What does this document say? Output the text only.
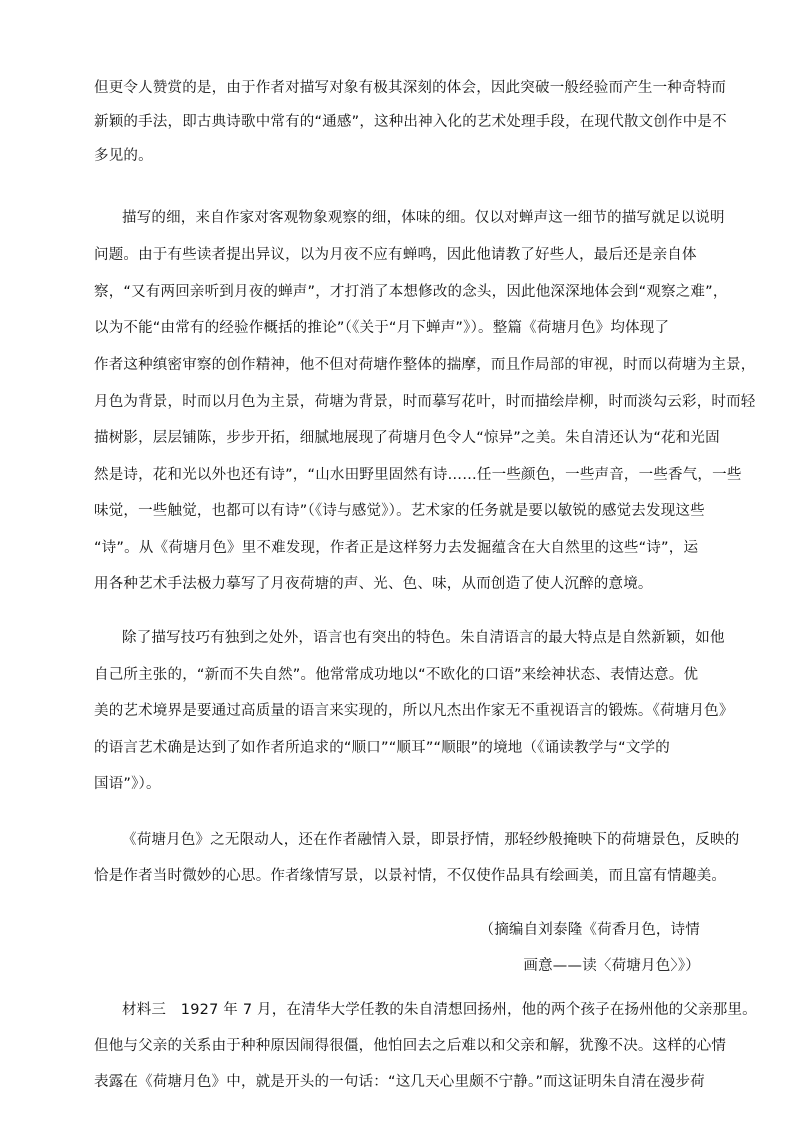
但更令人赞赏的是，由于作者对描写对象有极其深刻的体会，因此突破一般经验而产生一种奇特而
新颖的手法，即古典诗歌中常有的“通感”，这种出神入化的艺术处理手段，在现代散文创作中是不
多见的。
描写的细，来自作家对客观物象观察的细，体味的细。仅以对蝉声这一细节的描写就足以说明
问题。由于有些读者提出异议，以为月夜不应有蝉鸣，因此他请教了好些人，最后还是亲自体
察，“又有两回亲听到月夜的蝉声”，才打消了本想修改的念头，因此他深深地体会到“观察之难”，
以为不能“由常有的经验作概括的推论”（《关于“月下蝉声”》）。整篇《荷塘月色》均体现了
作者这种缜密审察的创作精神，他不但对荷塘作整体的揣摩，而且作局部的审视，时而以荷塘为主景，
月色为背景，时而以月色为主景，荷塘为背景，时而摹写花叶，时而描绘岸柳，时而淡勾云彩，时而轻
描树影，层层铺陈，步步开拓，细腻地展现了荷塘月色令人“惊异”之美。朱自清还认为“花和光固
然是诗，花和光以外也还有诗”，“山水田野里固然有诗……任一些颜色，一些声音，一些香气，一些
味觉，一些触觉，也都可以有诗”（《诗与感觉》）。艺术家的任务就是要以敏锐的感觉去发现这些
“诗”。从《荷塘月色》里不难发现，作者正是这样努力去发掘蕴含在大自然里的这些“诗”，运
用各种艺术手法极力摹写了月夜荷塘的声、光、色、味，从而创造了使人沉醉的意境。
除了描写技巧有独到之处外，语言也有突出的特色。朱自清语言的最大特点是自然新颖，如他
自己所主张的，“新而不失自然”。他常常成功地以“不欧化的口语”来绘神状态、表情达意。优
美的艺术境界是要通过高质量的语言来实现的，所以凡杰出作家无不重视语言的锻炼。《荷塘月色》
的语言艺术确是达到了如作者所追求的“顺口”“顺耳”“顺眼”的境地（《诵读教学与“文学的
国语”》）。
《荷塘月色》之无限动人，还在作者融情入景，即景抒情，那轻纱般掩映下的荷塘景色，反映的
恰是作者当时微妙的心思。作者缘情写景，以景衬情，不仅使作品具有绘画美，而且富有情趣美。
（摘编自刘泰隆《荷香月色，诗情
画意——读〈荷塘月色〉》）
材料三　1927 年 7 月，在清华大学任教的朱自清想回扬州，他的两个孩子在扬州他的父亲那里。
但他与父亲的关系由于种种原因闹得很僵，他怕回去之后难以和父亲和解，犹豫不决。这样的心情
表露在《荷塘月色》中，就是开头的一句话：“这几天心里颇不宁静。”而这证明朱自清在漫步荷
